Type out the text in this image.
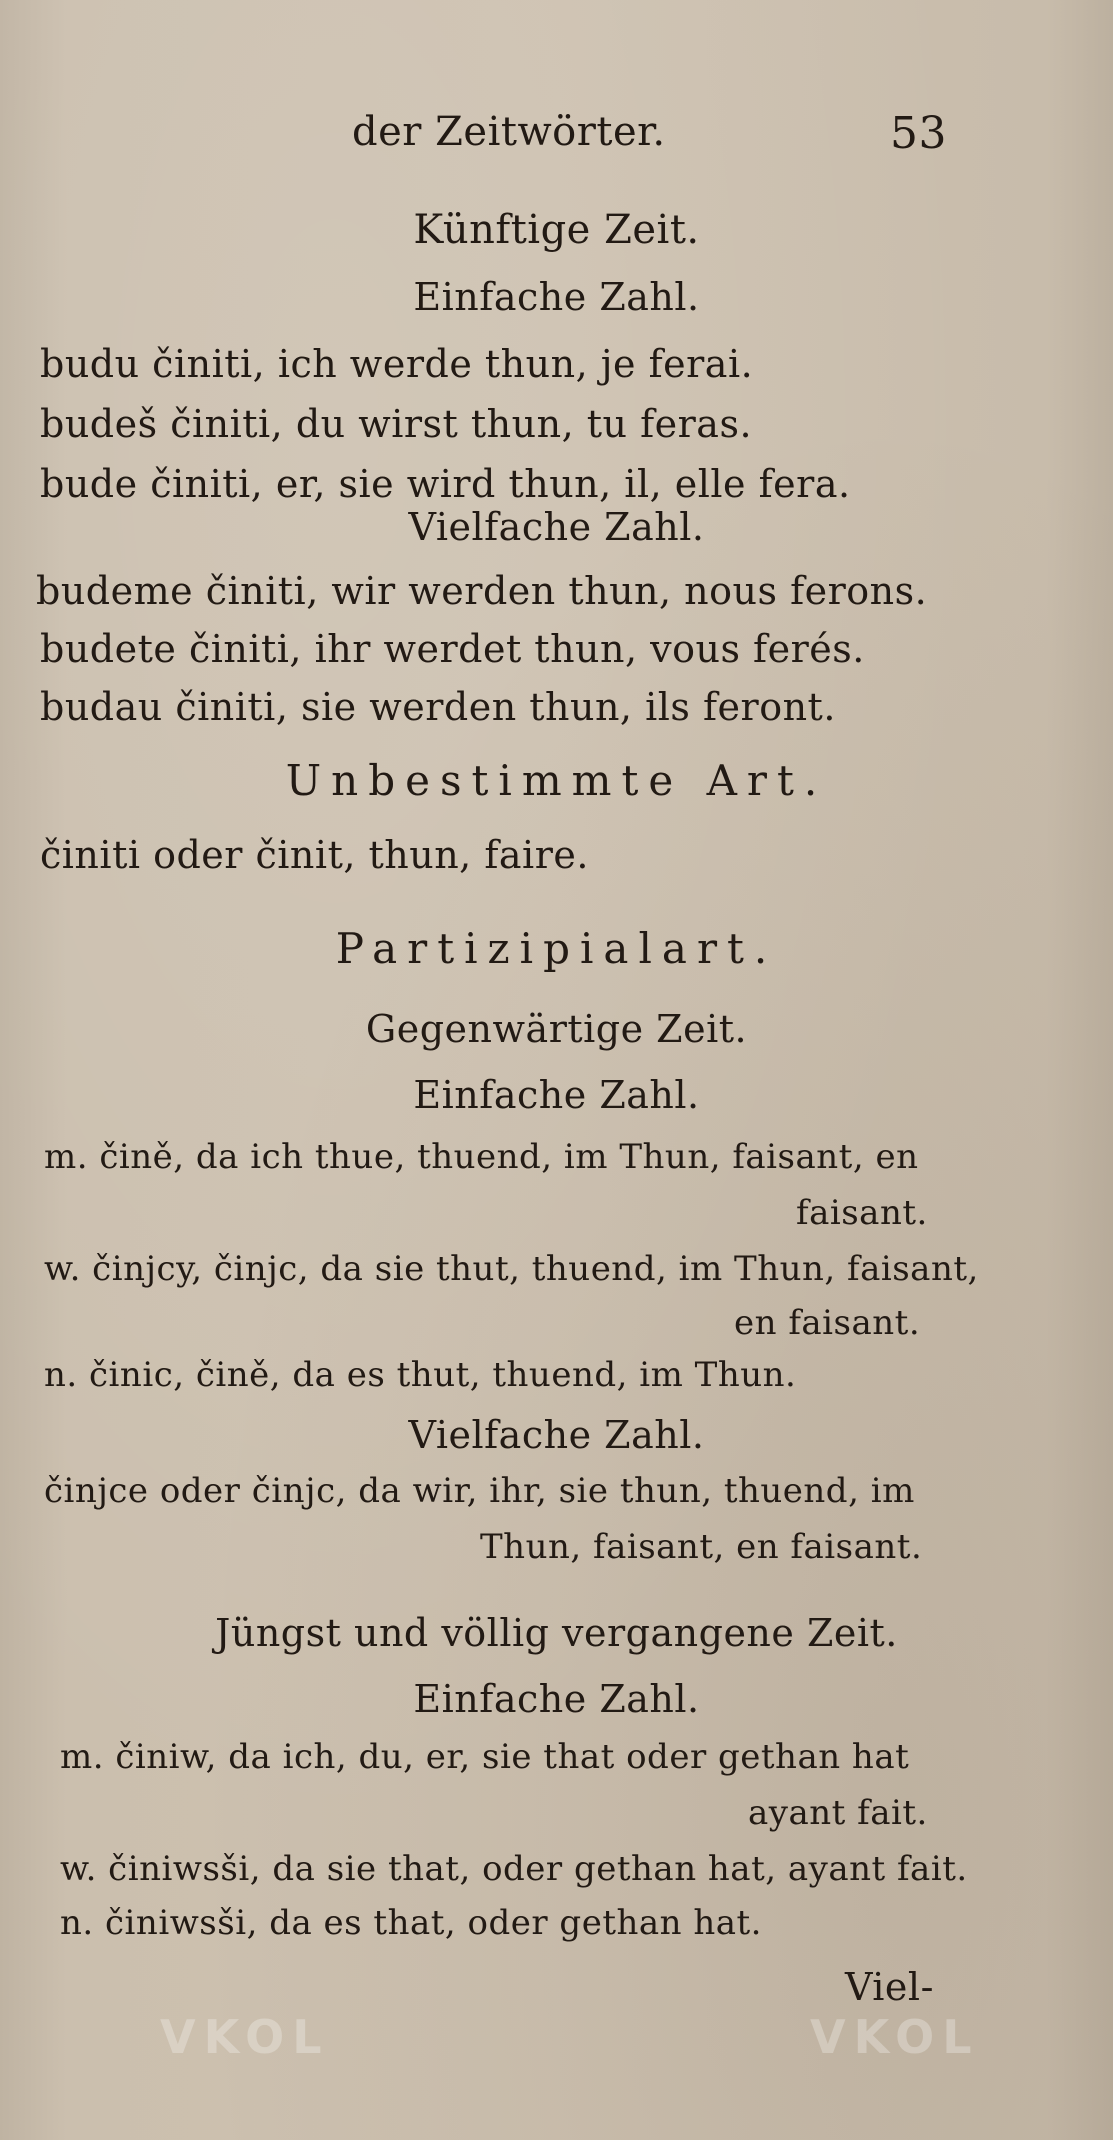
der Zeitwörter.	53
Künftige Zeit.
Einfache Zahl.
budu činiti, ich werde thun, je ferai.
budeš činiti, du wirst thun, tu feras.
bude činiti, er, sie wird thun, il, elle fera.
Vielfache Zahl.
budeme činiti, wir werden thun, nous ferons.
budete činiti, ihr werdet thun, vous ferés.
budau činiti, sie werden thun, ils feront.
Unbestimmte Art.
činiti oder činit, thun, faire.
Partizipialart.
Gegenwärtige Zeit.
Einfache Zahl.
m. čině, da ich thue, thuend, im Thun, faisant, en
faisant.
w. činjcy, činjc, da sie thut, thuend, im Thun, faisant,
en faisant.
n. činic, čině, da es thut, thuend, im Thun.
Vielfache Zahl.
činjce oder činjc, da wir, ihr, sie thun, thuend, im
Thun, faisant, en faisant.
Jüngst und völlig vergangene Zeit.
Einfache Zahl.
m. činiw, da ich, du, er, sie that oder gethan hat
ayant fait.
w. činiwsši, da sie that, oder gethan hat, ayant fait.
n. činiwsši, da es that, oder gethan hat.
Viel-
VKOL	VKOL
